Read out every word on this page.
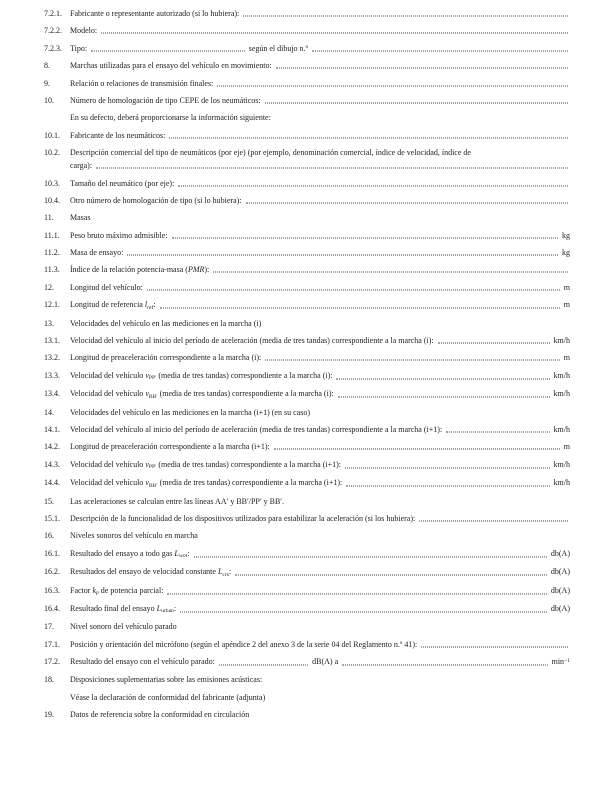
7.2.1.	Fabricante o representante autorizado (si lo hubiera):
7.2.2.	Modelo:
7.2.3.	Tipo:	según el dibujo n.º
8.	Marchas utilizadas para el ensayo del vehículo en movimiento:
9.	Relación o relaciones de transmisión finales:
10.	Número de homologación de tipo CEPE de los neumáticos:
En su defecto, deberá proporcionarse la información siguiente:
10.1.	Fabricante de los neumáticos:
10.2.	Descripción comercial del tipo de neumáticos (por eje) (por ejemplo, denominación comercial, índice de velocidad, índice de
carga):
10.3.	Tamaño del neumático (por eje):
10.4.	Otro número de homologación de tipo (si lo hubiera):
11.	Masas
11.1.	Peso bruto máximo admisible:	kg
11.2.	Masa de ensayo:	kg
11.3.	Índice de la relación potencia-masa ( PMR ):
12.	Longitud del vehículo:	m
12.1.	Longitud de referencia l ref :	m
13.	Velocidades del vehículo en las mediciones en la marcha (i)
13.1.	Velocidad del vehículo al inicio del período de aceleración (media de tres tandas) correspondiente a la marcha (i):	km/h
13.2.	Longitud de preaceleración correspondiente a la marcha (i):	m
13.3.	Velocidad del vehículo v PP′ (media de tres tandas) correspondiente a la marcha (i):	km/h
13.4.	Velocidad del vehículo v BB′ (media de tres tandas) correspondiente a la marcha (i):	km/h
14.	Velocidades del vehículo en las mediciones en la marcha (i+1) (en su caso)
14.1.	Velocidad del vehículo al inicio del período de aceleración (media de tres tandas) correspondiente a la marcha (i+1):	km/h
14.2.	Longitud de preaceleración correspondiente a la marcha (i+1):	m
14.3.	Velocidad del vehículo v PP′ (media de tres tandas) correspondiente a la marcha (i+1):	km/h
14.4.	Velocidad del vehículo v BB′ (media de tres tandas) correspondiente a la marcha (i+1):	km/h
15.	Las aceleraciones se calculan entre las líneas AA′ y BB′/PP′ y BB′.
15.1.	Descripción de la funcionalidad de los dispositivos utilizados para estabilizar la aceleración (si los hubiera):
16.	Niveles sonoros del vehículo en marcha
16.1.	Resultado del ensayo a todo gas L wot :	db(A)
16.2.	Resultados del ensayo de velocidad constante L crs :	db(A)
16.3.	Factor k p de potencia parcial:	db(A)
16.4.	Resultado final del ensayo L urban :	db(A)
17.	Nivel sonoro del vehículo parado
17.1.	Posición y orientación del micrófono (según el apéndice 2 del anexo 3 de la serie 04 del Reglamento n.º 41):
17.2.	Resultado del ensayo con el vehículo parado:	dB(A) a	min −1
18.	Disposiciones suplementarias sobre las emisiones acústicas:
Véase la declaración de conformidad del fabricante (adjunta)
19.	Datos de referencia sobre la conformidad en circulación
